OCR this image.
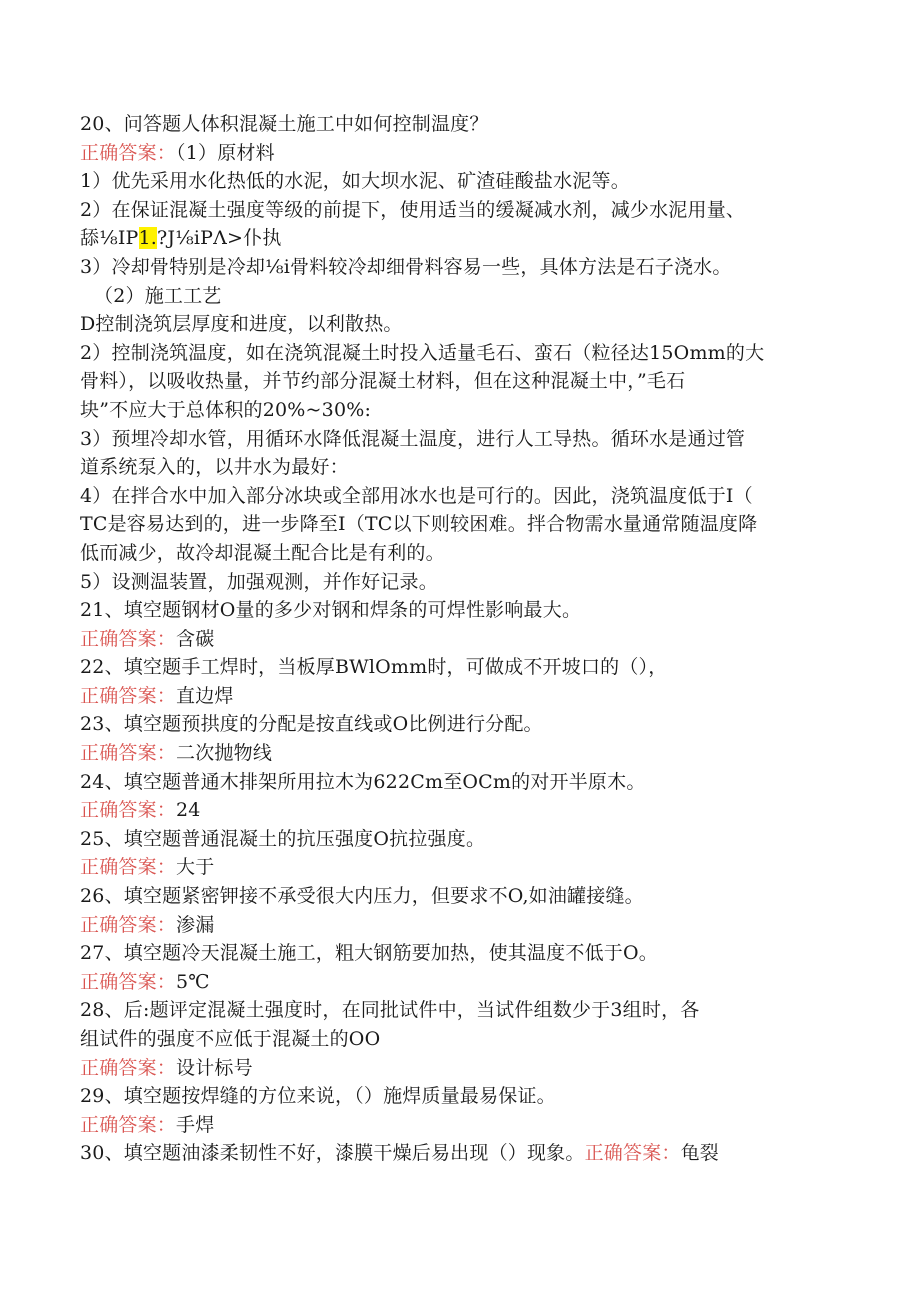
20、问答题人体积混凝土施工中如何控制温度？
正确答案：（1）原材料
1）优先采用水化热低的水泥，如大坝水泥、矿渣硅酸盐水泥等。
2）在保证混凝土强度等级的前提下，使用适当的缓凝减水剂，减少水泥用量、
舔⅛IP1.?J⅛iPΛ>仆执
3）冷却骨特别是冷却⅛i骨料较冷却细骨料容易一些，具体方法是石子浇水。
（2）施工工艺
D控制浇筑层厚度和进度，以利散热。
2）控制浇筑温度，如在浇筑混凝土时投入适量毛石、蛮石（粒径达15Omm的大
骨料），以吸收热量，并节约部分混凝土材料，但在这种混凝土中，”毛石
块”不应大于总体积的20%~30%:
3）预埋冷却水管，用循环水降低混凝土温度，进行人工导热。循环水是通过管
道系统泵入的，以井水为最好：
4）在拌合水中加入部分冰块或全部用冰水也是可行的。因此，浇筑温度低于I（
TC是容易达到的，进一步降至I（TC以下则较困难。拌合物需水量通常随温度降
低而减少，故冷却混凝土配合比是有利的。
5）设测温装置，加强观测，并作好记录。
21、填空题钢材O量的多少对钢和焊条的可焊性影响最大。
正确答案：含碳
22、填空题手工焊时，当板厚BWlOmm时，可做成不开坡口的（），
正确答案：直边焊
23、填空题预拱度的分配是按直线或O比例进行分配。
正确答案：二次抛物线
24、填空题普通木排架所用拉木为622Cm至OCm的对开半原木。
正确答案：24
25、填空题普通混凝土的抗压强度O抗拉强度。
正确答案：大于
26、填空题紧密钾接不承受很大内压力，但要求不O,如油罐接缝。
正确答案：渗漏
27、填空题冷天混凝土施工，粗大钢筋要加热，使其温度不低于O。
正确答案：5℃
28、后:题评定混凝土强度时，在同批试件中，当试件组数少于3组时，各
组试件的强度不应低于混凝土的OO
正确答案：设计标号
29、填空题按焊缝的方位来说，（）施焊质量最易保证。
正确答案：手焊
30、填空题油漆柔韧性不好，漆膜干燥后易出现（）现象。正确答案：龟裂
